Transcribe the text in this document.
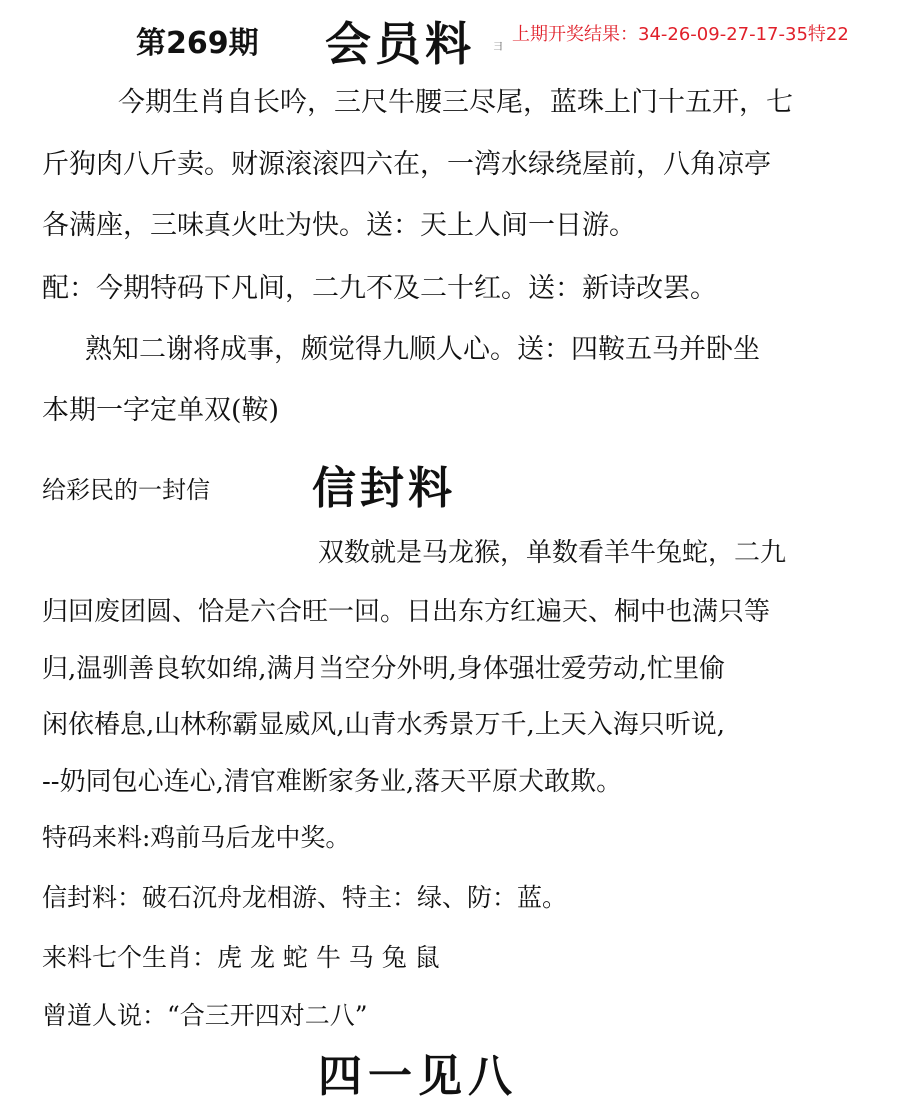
第269期 会员料 彐
上期开奖结果：34-26-09-27-17-35特22
今期生肖自长吟，三尺牛腰三尽尾，蓝珠上门十五开，七
斤狗肉八斤卖。财源滚滚四六在，一湾水绿绕屋前，八角凉亭
各满座，三味真火吐为快。送：天上人间一日游。
配：今期特码下凡间，二九不及二十红。送：新诗改罢。
熟知二谢将成事，颇觉得九顺人心。送：四鞍五马并卧坐
本期一字定单双(鞍)
给彩民的一封信 信封料
双数就是马龙猴，单数看羊牛兔蛇，二九
归回废团圆、恰是六合旺一回。日出东方红遍天、桐中也满只等
归,温驯善良软如绵,满月当空分外明,身体强壮爱劳动,忙里偷
闲依椿息,山林称霸显威风,山青水秀景万千,上天入海只听说,
--奶同包心连心,清官难断家务业,落天平原犬敢欺。
特码来料:鸡前马后龙中奖。
信封料：破石沉舟龙相游、特主：绿、防：蓝。
来料七个生肖：虎 龙 蛇 牛 马 兔 鼠
曾道人说：“合三开四对二八”
四一见八
